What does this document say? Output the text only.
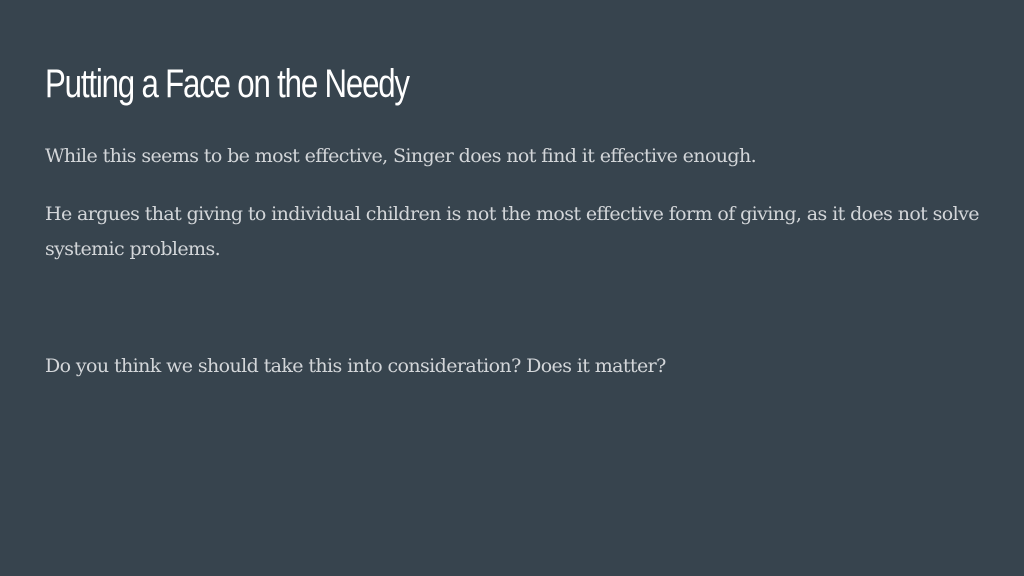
Putting a Face on the Needy

While this seems to be most effective, Singer does not find it effective enough.

He argues that giving to individual children is not the most effective form of giving, as it does not solve systemic problems.

Do you think we should take this into consideration? Does it matter?
